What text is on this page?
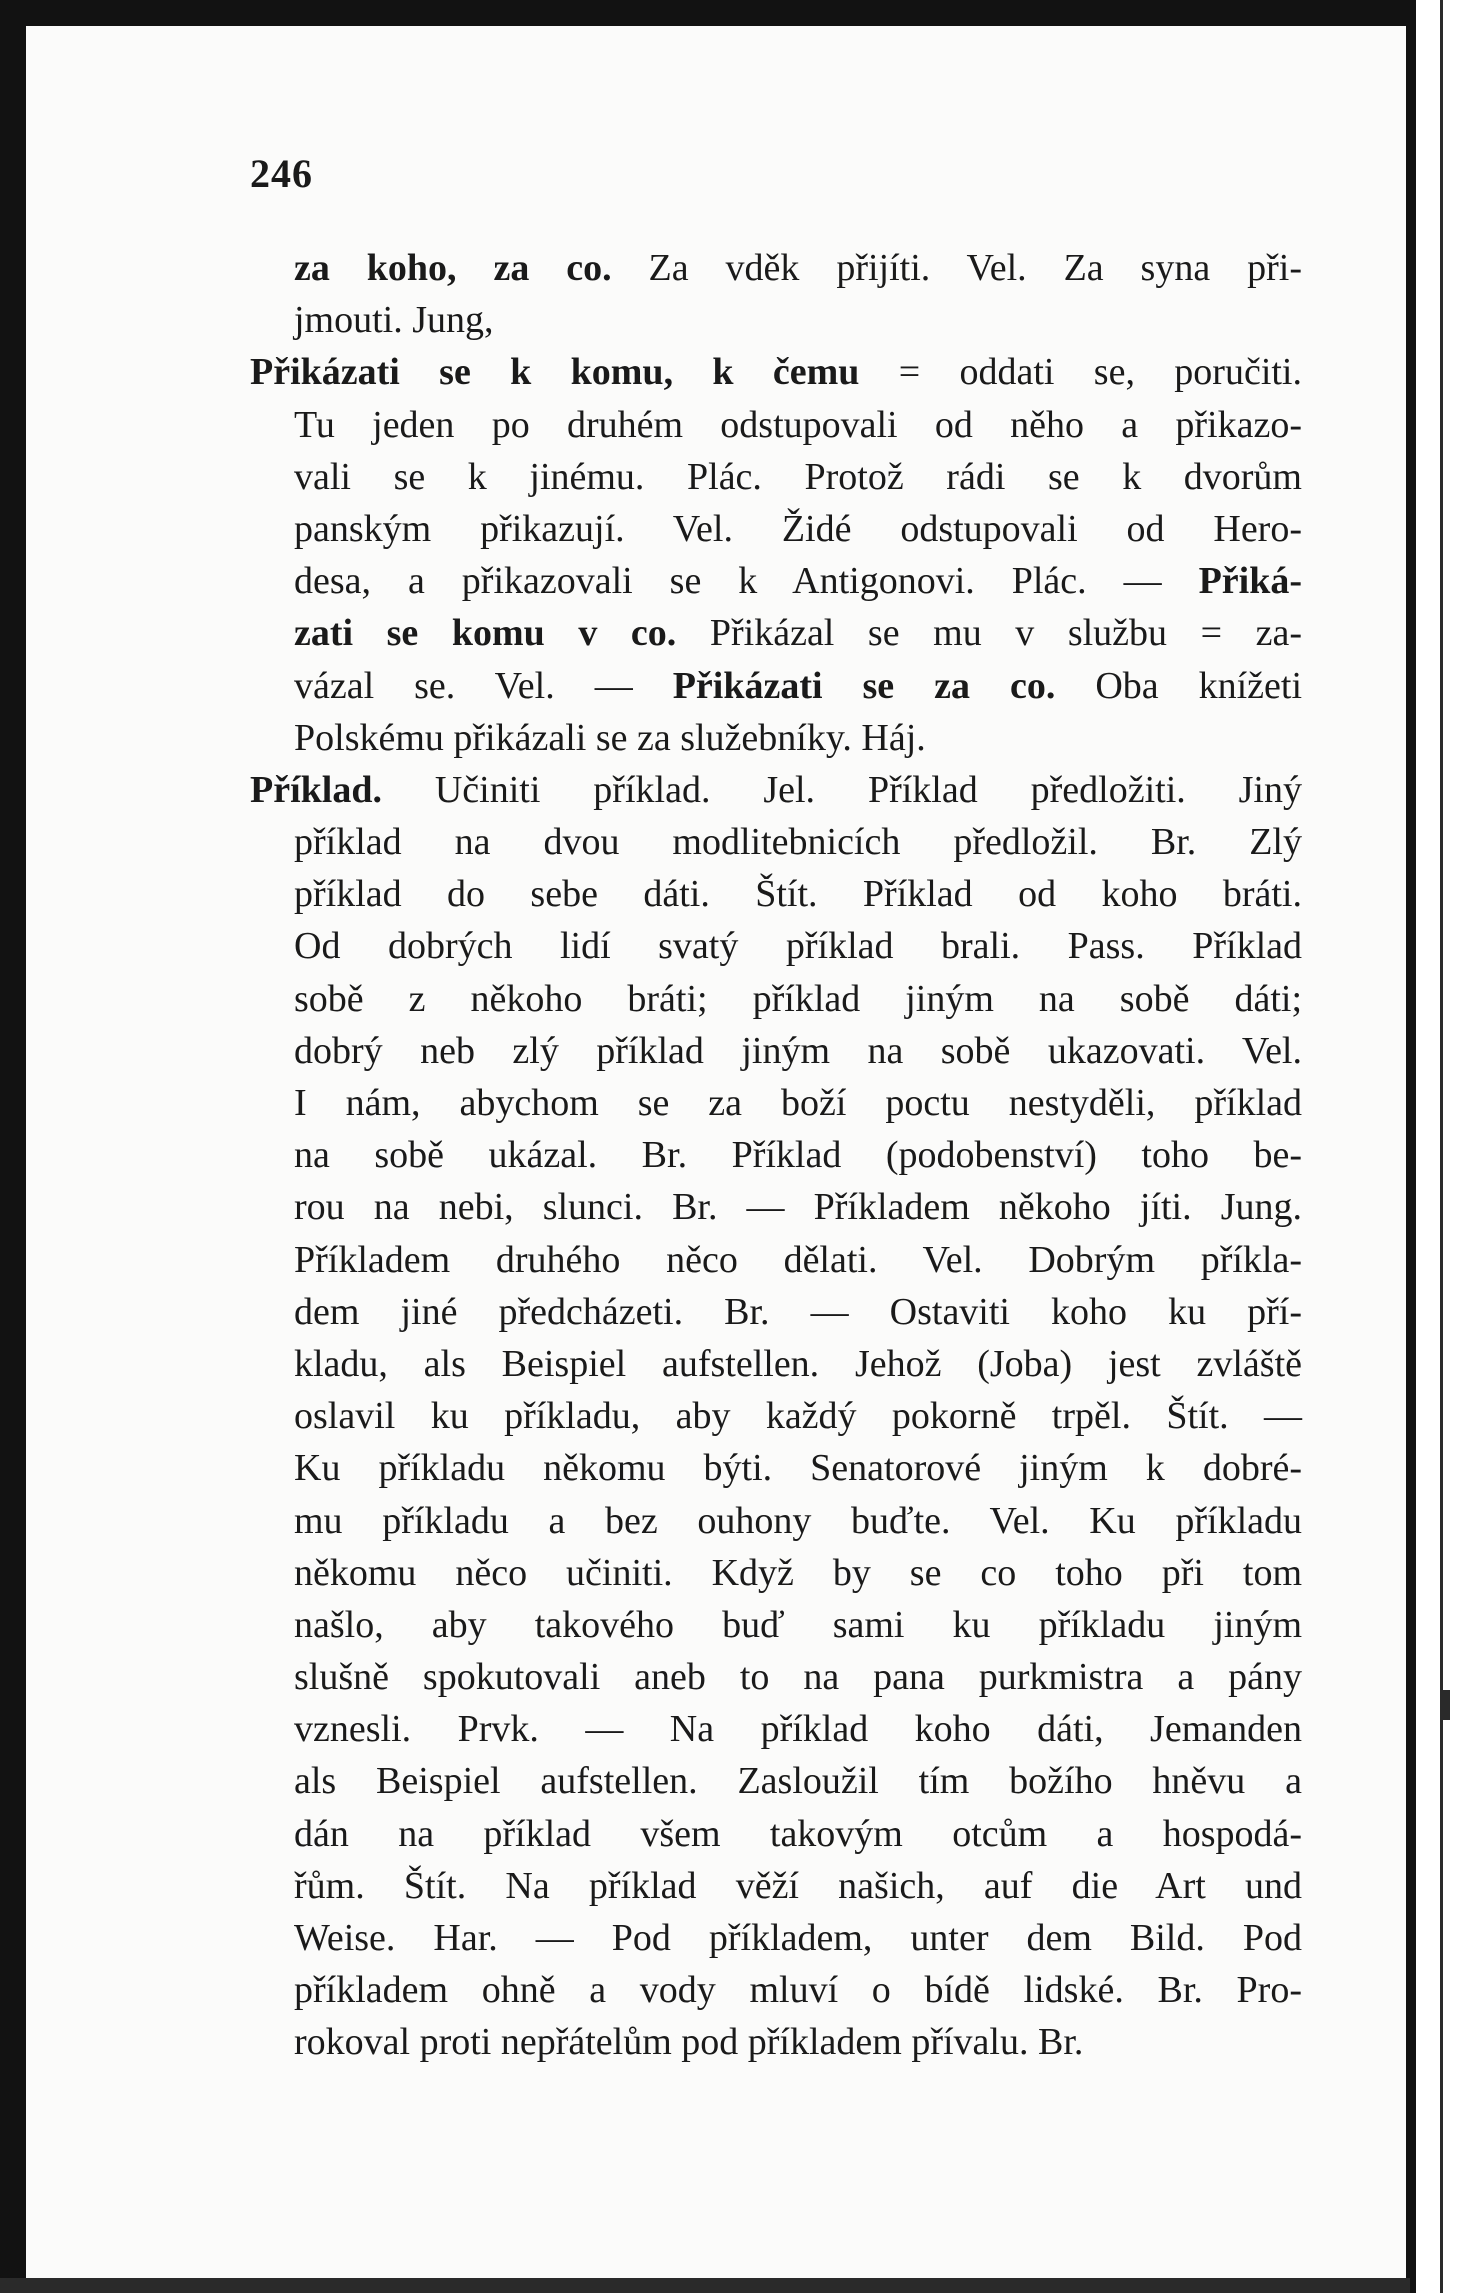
246
za koho, za co. Za vděk přijíti. Vel. Za syna při-
jmouti. Jung,
Přikázati se k komu, k čemu = oddati se, poručiti.
Tu jeden po druhém odstupovali od něho a přikazo-
vali se k jinému. Plác. Protož rádi se k dvorům
panským přikazují. Vel. Židé odstupovali od Hero-
desa, a přikazovali se k Antigonovi. Plác. — Přiká-
zati se komu v co. Přikázal se mu v službu = za-
vázal se. Vel. — Přikázati se za co. Oba knížeti
Polskému přikázali se za služebníky. Háj.
Příklad. Učiniti příklad. Jel. Příklad předložiti. Jiný
příklad na dvou modlitebnicích předložil. Br. Zlý
příklad do sebe dáti. Štít. Příklad od koho bráti.
Od dobrých lidí svatý příklad brali. Pass. Příklad
sobě z někoho bráti; příklad jiným na sobě dáti;
dobrý neb zlý příklad jiným na sobě ukazovati. Vel.
I nám, abychom se za boží poctu nestyděli, příklad
na sobě ukázal. Br. Příklad (podobenství) toho be-
rou na nebi, slunci. Br. — Příkladem někoho jíti. Jung.
Příkladem druhého něco dělati. Vel. Dobrým příkla-
dem jiné předcházeti. Br. — Ostaviti koho ku pří-
kladu, als Beispiel aufstellen. Jehož (Joba) jest zvláště
oslavil ku příkladu, aby každý pokorně trpěl. Štít. —
Ku příkladu někomu býti. Senatorové jiným k dobré-
mu příkladu a bez ouhony buďte. Vel. Ku příkladu
někomu něco učiniti. Když by se co toho při tom
našlo, aby takového buď sami ku příkladu jiným
slušně spokutovali aneb to na pana purkmistra a pány
vznesli. Prvk. — Na příklad koho dáti, Jemanden
als Beispiel aufstellen. Zasloužil tím božího hněvu a
dán na příklad všem takovým otcům a hospodá-
řům. Štít. Na příklad věží našich, auf die Art und
Weise. Har. — Pod příkladem, unter dem Bild. Pod
příkladem ohně a vody mluví o bídě lidské. Br. Pro-
rokoval proti nepřátelům pod příkladem přívalu. Br.
